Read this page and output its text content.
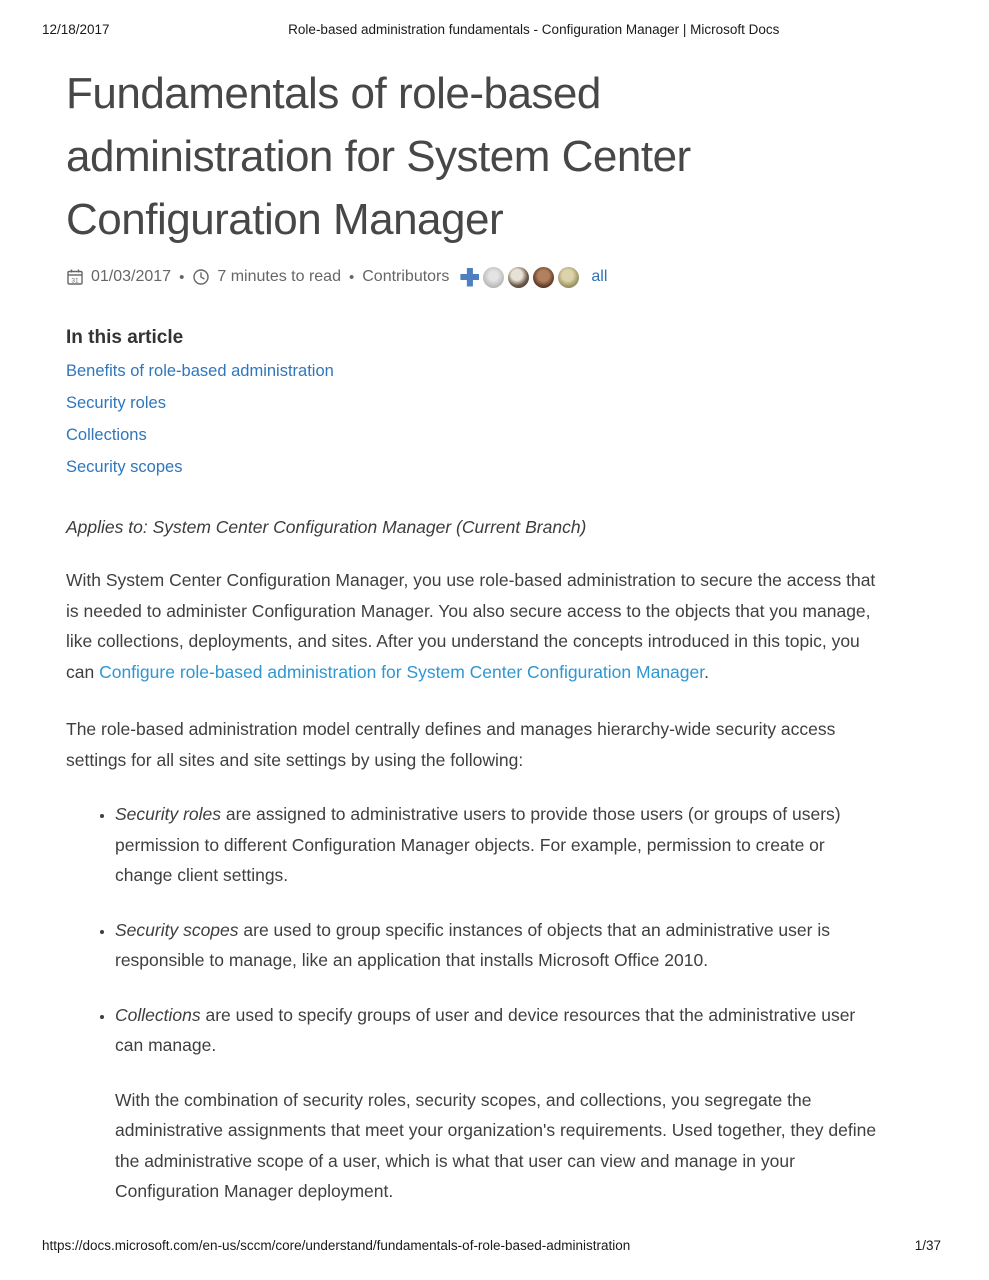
12/18/2017	Role-based administration fundamentals - Configuration Manager | Microsoft Docs
Fundamentals of role-based administration for System Center Configuration Manager
31 01/03/2017 • 7 minutes to read • Contributors	all
In this article
Benefits of role-based administration
Security roles
Collections
Security scopes

Applies to: System Center Configuration Manager (Current Branch)

With System Center Configuration Manager, you use role-based administration to secure the access that is needed to administer Configuration Manager. You also secure access to the objects that you manage, like collections, deployments, and sites. After you understand the concepts introduced in this topic, you can Configure role-based administration for System Center Configuration Manager.

The role-based administration model centrally defines and manages hierarchy-wide security access settings for all sites and site settings by using the following:

• Security roles are assigned to administrative users to provide those users (or groups of users) permission to different Configuration Manager objects. For example, permission to create or change client settings.
• Security scopes are used to group specific instances of objects that an administrative user is responsible to manage, like an application that installs Microsoft Office 2010.
• Collections are used to specify groups of user and device resources that the administrative user can manage.

With the combination of security roles, security scopes, and collections, you segregate the administrative assignments that meet your organization's requirements. Used together, they define the administrative scope of a user, which is what that user can view and manage in your Configuration Manager deployment.

https://docs.microsoft.com/en-us/sccm/core/understand/fundamentals-of-role-based-administration	1/37
